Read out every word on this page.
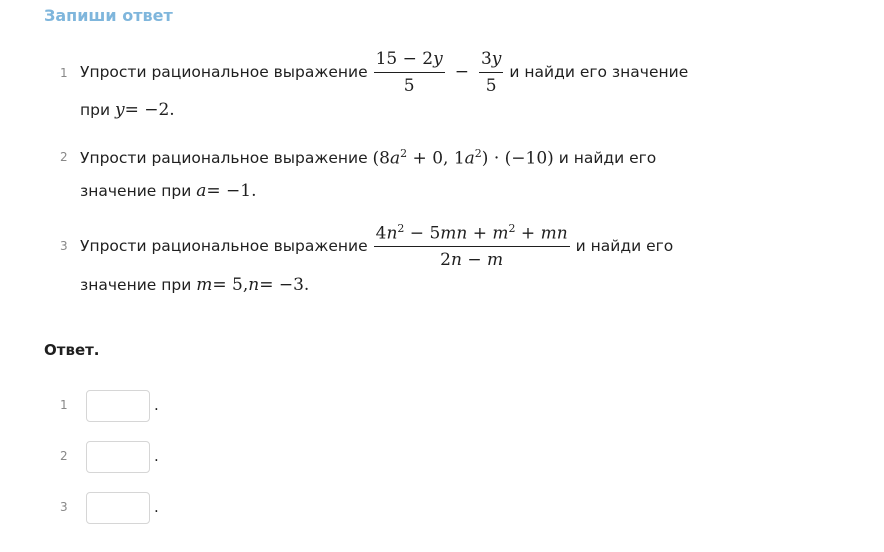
Запиши ответ
1 Упрости рациональное выражение $\frac{15 - 2y}{5} - \frac{3y}{5}$ и найди его значение
при
y = −2.
2 Упрости рациональное выражение
($8a^2 + 0$, $1a^2) \cdot (-10)$
и найди его
значение при
a = −1.
3 Упрости рациональное выражение $\frac{4n^2 - 5mn + m^2 + mn}{2n - m}$ и найди его
значение при
m = 5, n = −3.
Ответ.
1	.
2	.
3	.
